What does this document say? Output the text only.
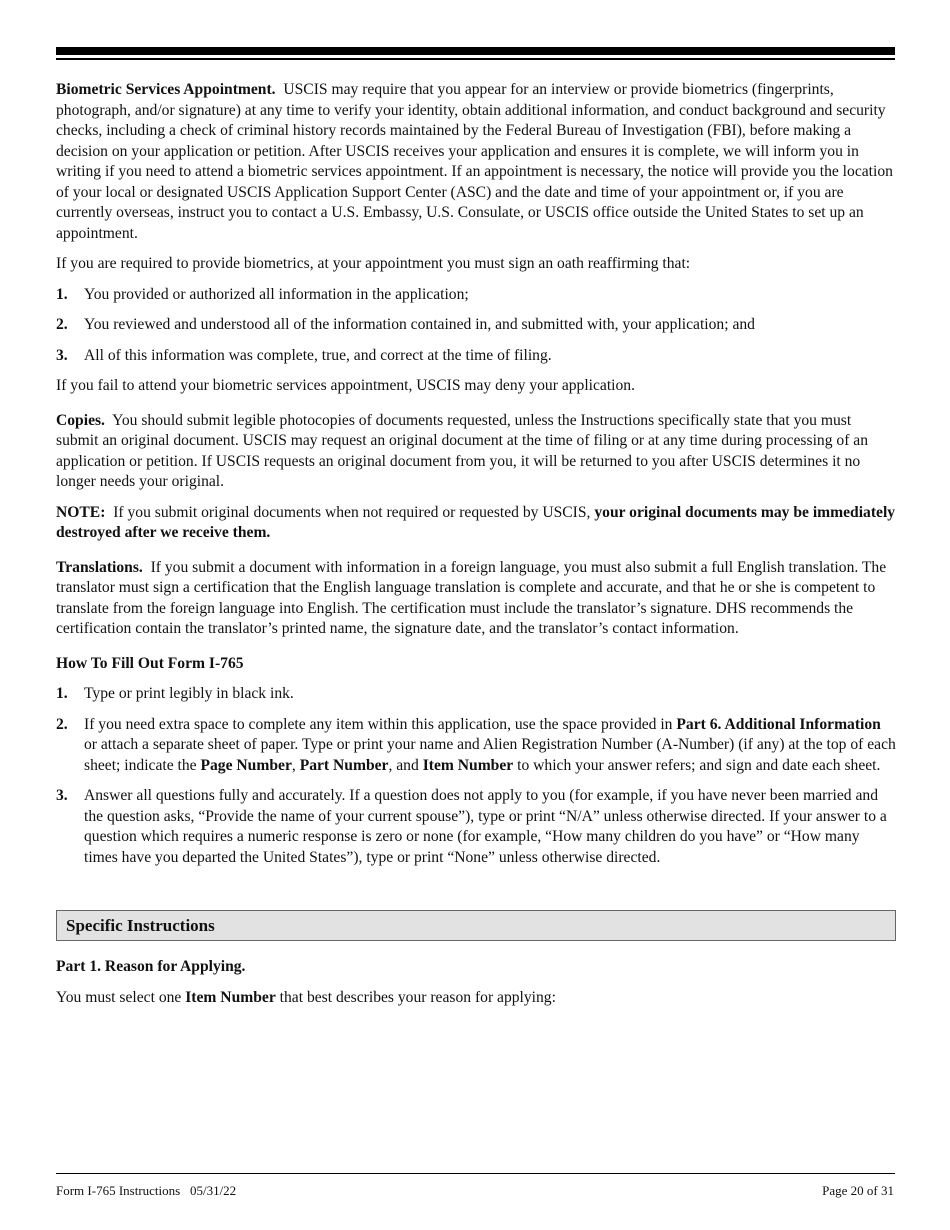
Biometric Services Appointment. USCIS may require that you appear for an interview or provide biometrics (fingerprints, photograph, and/or signature) at any time to verify your identity, obtain additional information, and conduct background and security checks, including a check of criminal history records maintained by the Federal Bureau of Investigation (FBI), before making a decision on your application or petition. After USCIS receives your application and ensures it is complete, we will inform you in writing if you need to attend a biometric services appointment. If an appointment is necessary, the notice will provide you the location of your local or designated USCIS Application Support Center (ASC) and the date and time of your appointment or, if you are currently overseas, instruct you to contact a U.S. Embassy, U.S. Consulate, or USCIS office outside the United States to set up an appointment.

If you are required to provide biometrics, at your appointment you must sign an oath reaffirming that:

1. You provided or authorized all information in the application;
2. You reviewed and understood all of the information contained in, and submitted with, your application; and
3. All of this information was complete, true, and correct at the time of filing.

If you fail to attend your biometric services appointment, USCIS may deny your application.

Copies. You should submit legible photocopies of documents requested, unless the Instructions specifically state that you must submit an original document. USCIS may request an original document at the time of filing or at any time during processing of an application or petition. If USCIS requests an original document from you, it will be returned to you after USCIS determines it no longer needs your original.

NOTE: If you submit original documents when not required or requested by USCIS, your original documents may be immediately destroyed after we receive them.

Translations. If you submit a document with information in a foreign language, you must also submit a full English translation. The translator must sign a certification that the English language translation is complete and accurate, and that he or she is competent to translate from the foreign language into English. The certification must include the translator’s signature. DHS recommends the certification contain the translator’s printed name, the signature date, and the translator’s contact information.

How To Fill Out Form I-765
1. Type or print legibly in black ink.
2. If you need extra space to complete any item within this application, use the space provided in Part 6. Additional Information or attach a separate sheet of paper. Type or print your name and Alien Registration Number (A-Number) (if any) at the top of each sheet; indicate the Page Number, Part Number, and Item Number to which your answer refers; and sign and date each sheet.
3. Answer all questions fully and accurately. If a question does not apply to you (for example, if you have never been married and the question asks, “Provide the name of your current spouse”), type or print “N/A” unless otherwise directed. If your answer to a question which requires a numeric response is zero or none (for example, “How many children do you have” or “How many times have you departed the United States”), type or print “None” unless otherwise directed.
Specific Instructions
Part 1. Reason for Applying.

You must select one Item Number that best describes your reason for applying:

Form I-765 Instructions   05/31/22	Page 20 of 31
